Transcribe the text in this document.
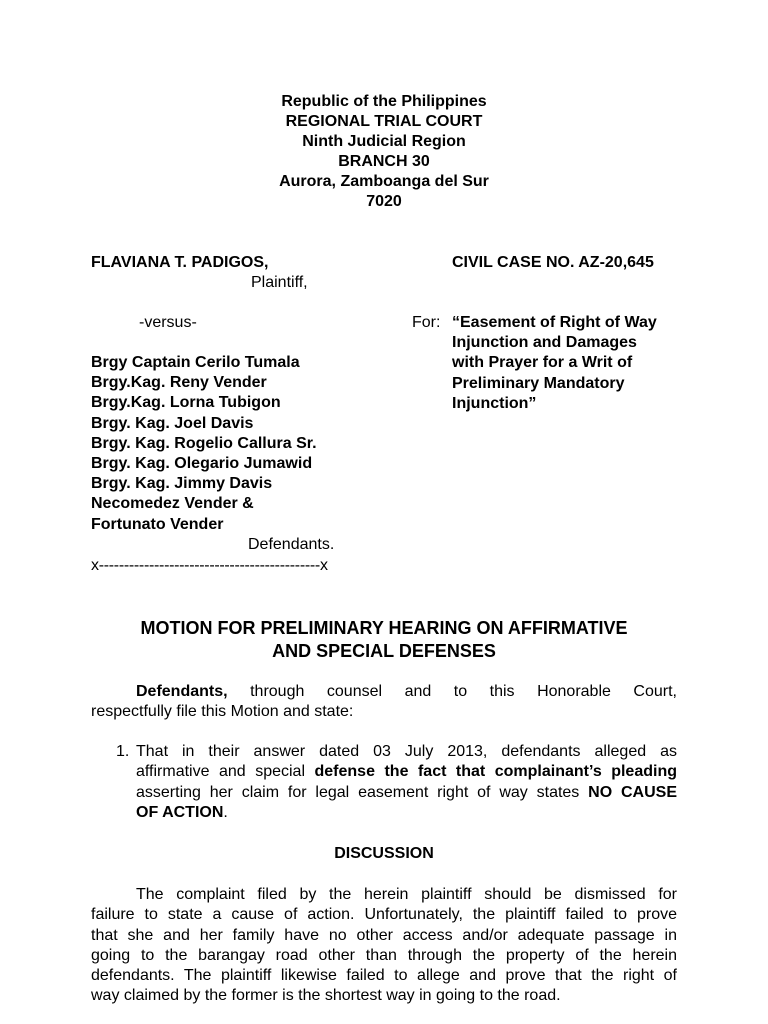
Republic of the Philippines
REGIONAL TRIAL COURT
Ninth Judicial Region
BRANCH 30
Aurora, Zamboanga del Sur
7020
FLAVIANA T. PADIGOS,
Plaintiff,
-versus-
Brgy Captain Cerilo Tumala
Brgy.Kag. Reny Vender
Brgy.Kag. Lorna Tubigon
Brgy. Kag. Joel Davis
Brgy. Kag. Rogelio Callura Sr.
Brgy. Kag. Olegario Jumawid
Brgy. Kag. Jimmy Davis
Necomedez Vender &
Fortunato Vender
Defendants.
x--------------------------------------------x
CIVIL CASE NO. AZ-20,645
For: “Easement of Right of Way
Injunction and Damages
with Prayer for a Writ of
Preliminary Mandatory
Injunction”
MOTION FOR PRELIMINARY HEARING ON AFFIRMATIVE
AND SPECIAL DEFENSES
Defendants, through counsel and to this Honorable Court,
respectfully file this Motion and state:
1. That in their answer dated 03 July 2013, defendants alleged as
affirmative and special defense the fact that complainant’s pleading
asserting her claim for legal easement right of way states NO CAUSE
OF ACTION.
DISCUSSION
The complaint filed by the herein plaintiff should be dismissed for
failure to state a cause of action. Unfortunately, the plaintiff failed to prove
that she and her family have no other access and/or adequate passage in
going to the barangay road other than through the property of the herein
defendants. The plaintiff likewise failed to allege and prove that the right of
way claimed by the former is the shortest way in going to the road.
